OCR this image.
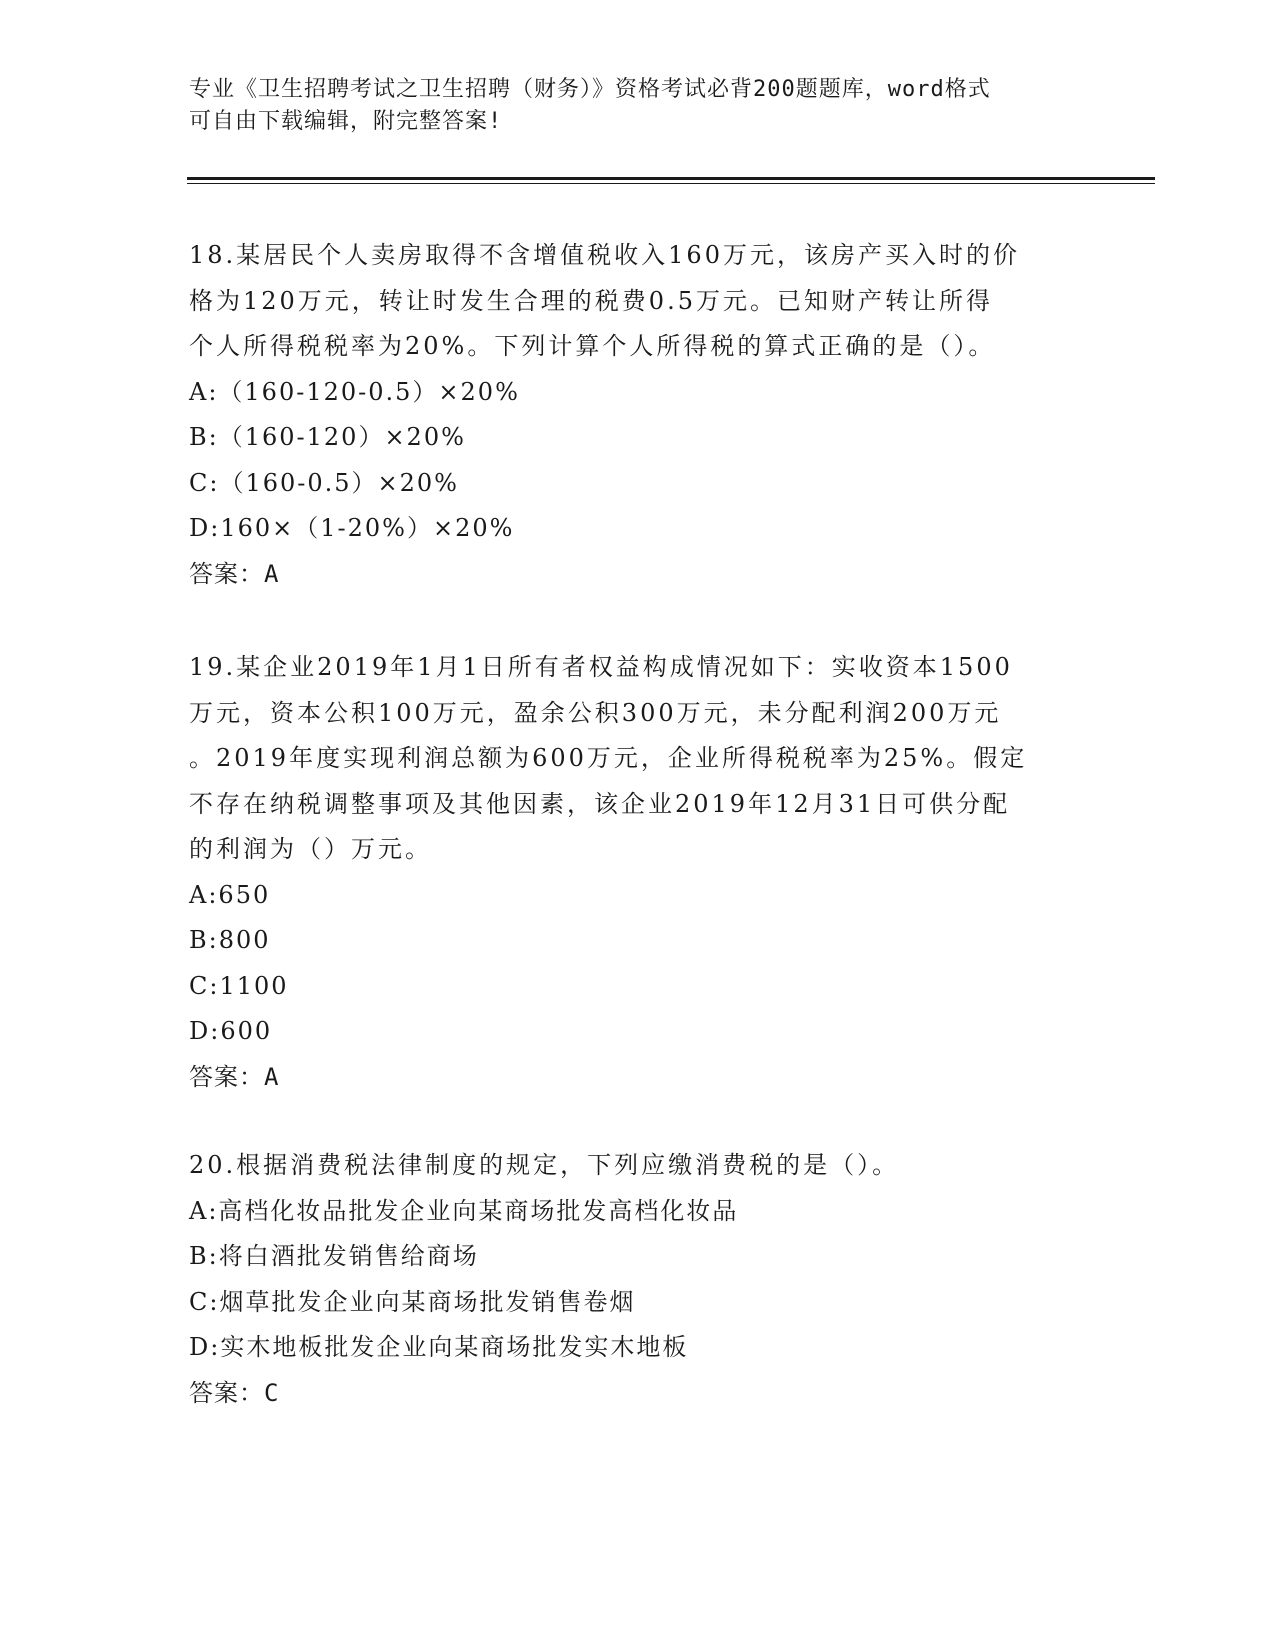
专业《卫生招聘考试之卫生招聘（财务）》资格考试必背200题题库，word格式
可自由下载编辑，附完整答案!

18.某居民个人卖房取得不含增值税收入160万元，该房产买入时的价

格为120万元，转让时发生合理的税费0.5万元。已知财产转让所得

个人所得税税率为20%。下列计算个人所得税的算式正确的是（）。

A:（160-120-0.5）×20%

B:（160-120）×20%

C:（160-0.5）×20%

D:160×（1-20%）×20%

答案：A

19.某企业2019年1月1日所有者权益构成情况如下：实收资本1500

万元，资本公积100万元，盈余公积300万元，未分配利润200万元

。2019年度实现利润总额为600万元，企业所得税税率为25%。假定

不存在纳税调整事项及其他因素，该企业2019年12月31日可供分配

的利润为（）万元。

A:650

B:800

C:1100

D:600

答案：A

20.根据消费税法律制度的规定，下列应缴消费税的是（）。

A:高档化妆品批发企业向某商场批发高档化妆品

B:将白酒批发销售给商场

C:烟草批发企业向某商场批发销售卷烟

D:实木地板批发企业向某商场批发实木地板

答案：C
